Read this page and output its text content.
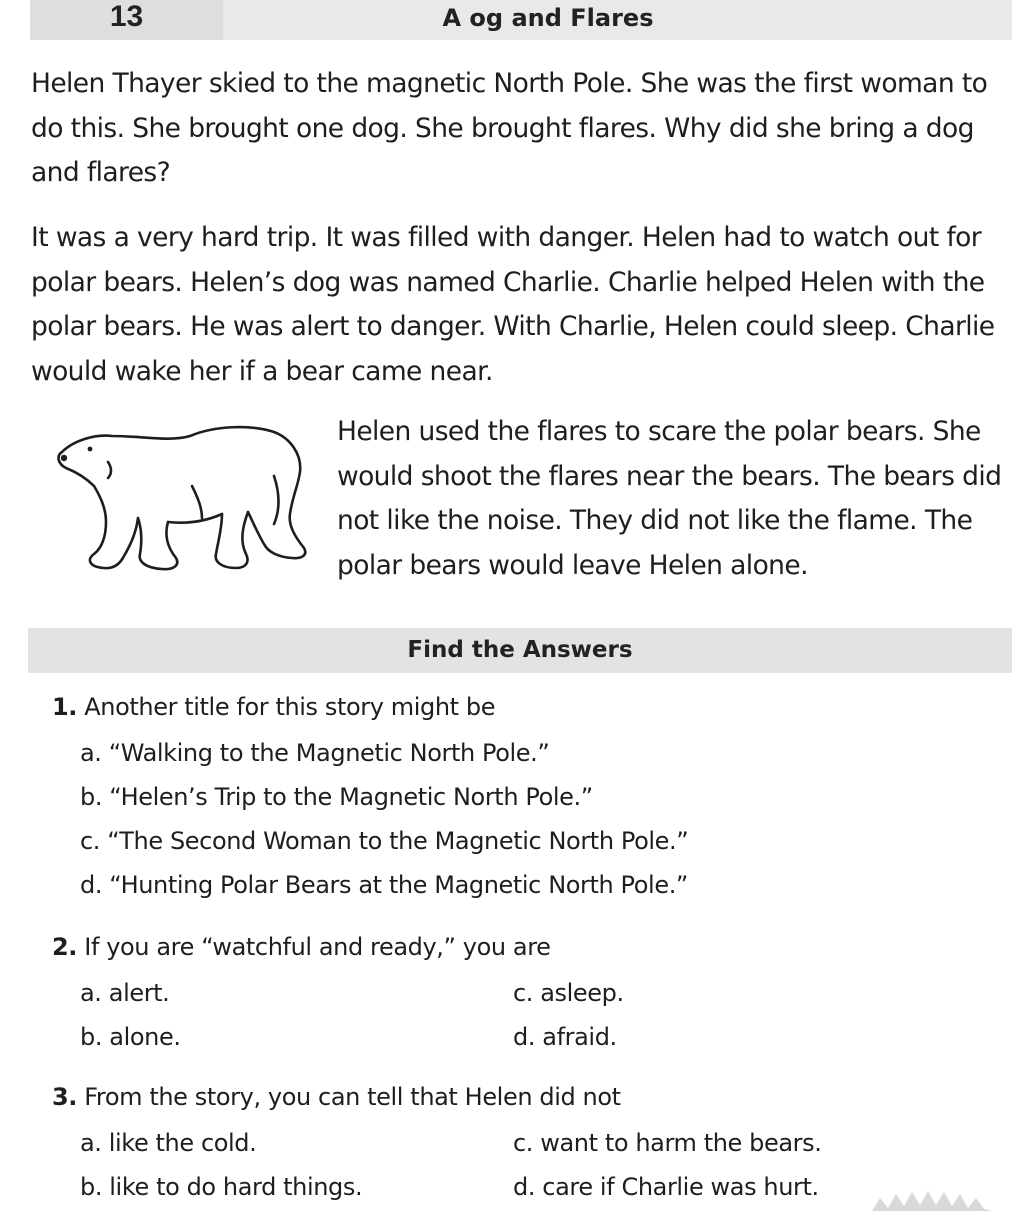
13	A og and Flares

Helen Thayer skied to the magnetic North Pole. She was the first woman to do this. She brought one dog. She brought flares. Why did she bring a dog and flares?

It was a very hard trip. It was filled with danger. Helen had to watch out for polar bears. Helen’s dog was named Charlie. Charlie helped Helen with the polar bears. He was alert to danger. With Charlie, Helen could sleep. Charlie would wake her if a bear came near.

Helen used the flares to scare the polar bears. She would shoot the flares near the bears. The bears did not like the noise. They did not like the flame. The polar bears would leave Helen alone.

Find the Answers
1. Another title for this story might be
a. “Walking to the Magnetic North Pole.”
b. “Helen’s Trip to the Magnetic North Pole.”
c. “The Second Woman to the Magnetic North Pole.”
d. “Hunting Polar Bears at the Magnetic North Pole.”
2. If you are “watchful and ready,” you are
a. alert.
b. alone.
c. asleep.
d. afraid.
3. From the story, you can tell that Helen did not
a. like the cold.
b. like to do hard things.
c. want to harm the bears.
d. care if Charlie was hurt.
